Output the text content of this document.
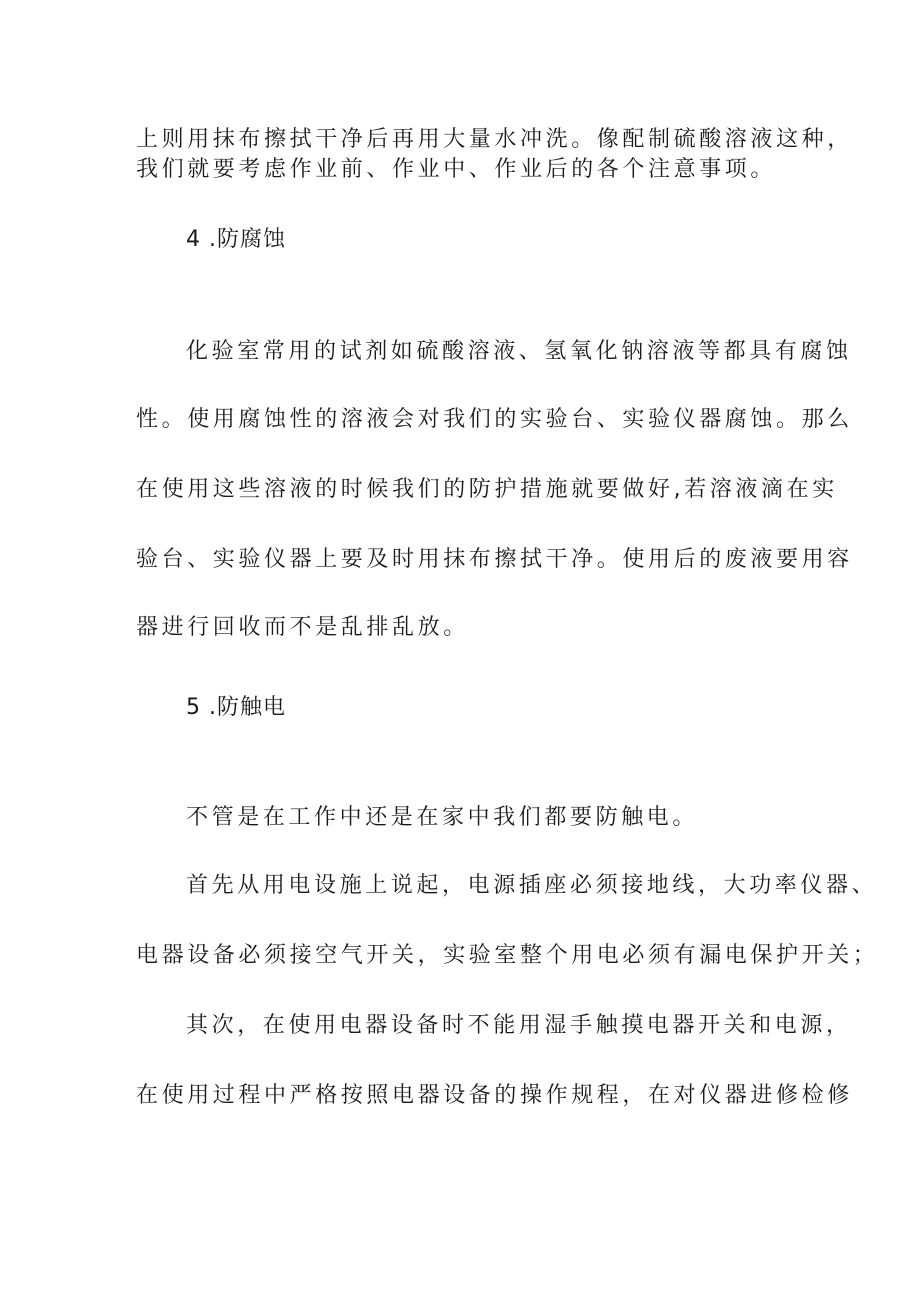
上则用抹布擦拭干净后再用大量水冲洗。像配制硫酸溶液这种，
我们就要考虑作业前、作业中、作业后的各个注意事项。
4 .防腐蚀
化验室常用的试剂如硫酸溶液、氢氧化钠溶液等都具有腐蚀
性。使用腐蚀性的溶液会对我们的实验台、实验仪器腐蚀。那么
在使用这些溶液的时候我们的防护措施就要做好,若溶液滴在实
验台、实验仪器上要及时用抹布擦拭干净。使用后的废液要用容
器进行回收而不是乱排乱放。
5 .防触电
不管是在工作中还是在家中我们都要防触电。
首先从用电设施上说起，电源插座必须接地线，大功率仪器、
电器设备必须接空气开关，实验室整个用电必须有漏电保护开关；
其次，在使用电器设备时不能用湿手触摸电器开关和电源，
在使用过程中严格按照电器设备的操作规程，在对仪器进修检修
